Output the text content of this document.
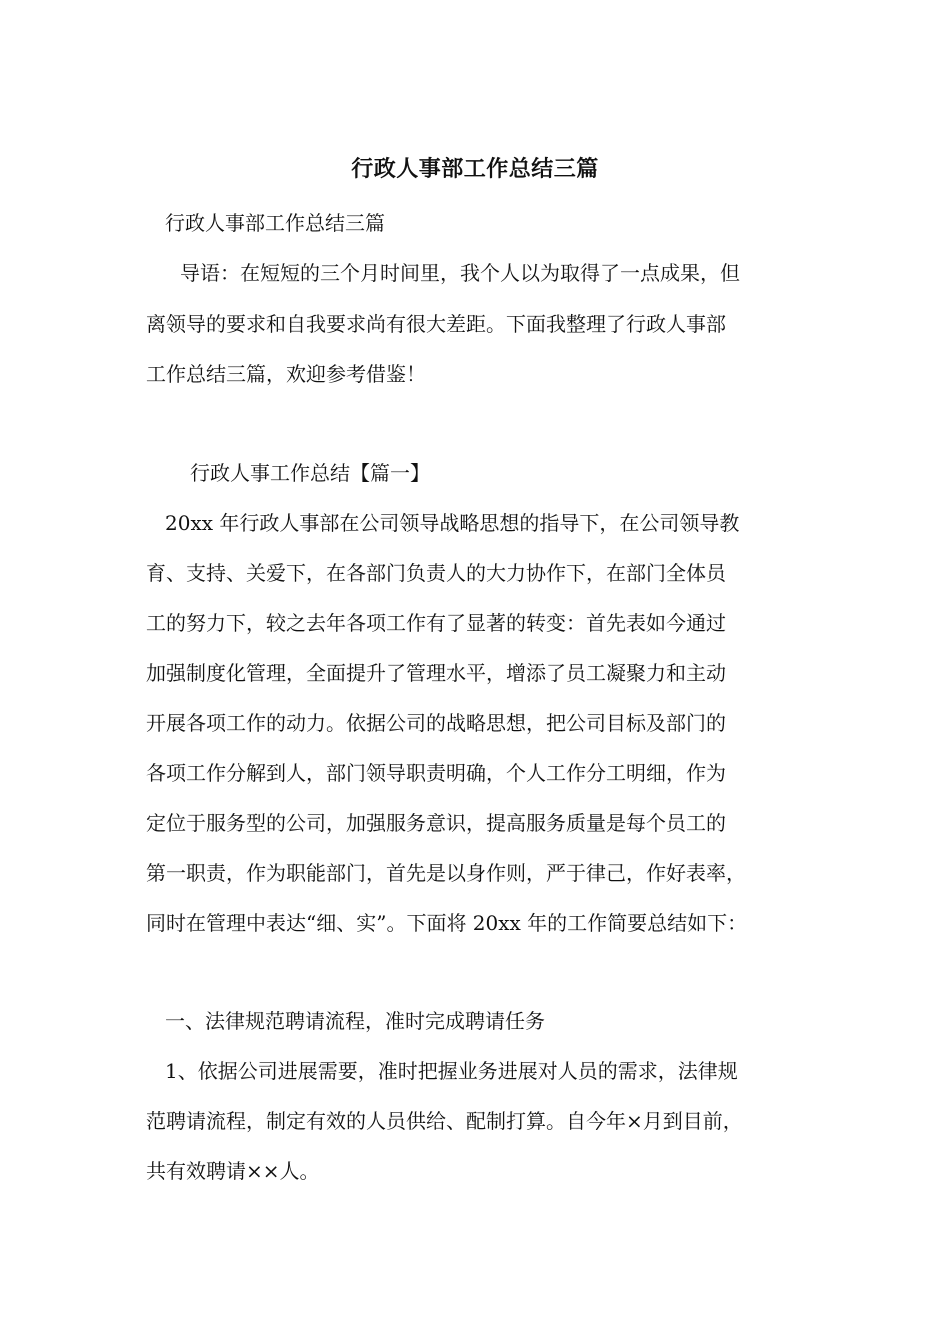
行政人事部工作总结三篇

行政人事部工作总结三篇

导语：在短短的三个月时间里，我个人以为取得了一点成果，但

离领导的要求和自我要求尚有很大差距。下面我整理了行政人事部

工作总结三篇，欢迎参考借鉴！

行政人事工作总结【篇一】

20xx 年行政人事部在公司领导战略思想的指导下，在公司领导教

育、支持、关爱下，在各部门负责人的大力协作下，在部门全体员

工的努力下，较之去年各项工作有了显著的转变：首先表如今通过

加强制度化管理，全面提升了管理水平，增添了员工凝聚力和主动

开展各项工作的动力。依据公司的战略思想，把公司目标及部门的

各项工作分解到人，部门领导职责明确，个人工作分工明细，作为

定位于服务型的公司，加强服务意识，提高服务质量是每个员工的

第一职责，作为职能部门，首先是以身作则，严于律己，作好表率，

同时在管理中表达“细、实”。下面将 20xx 年的工作简要总结如下：

一、法律规范聘请流程，准时完成聘请任务

1、依据公司进展需要，准时把握业务进展对人员的需求，法律规

范聘请流程，制定有效的人员供给、配制打算。自今年×月到目前，

共有效聘请××人。
